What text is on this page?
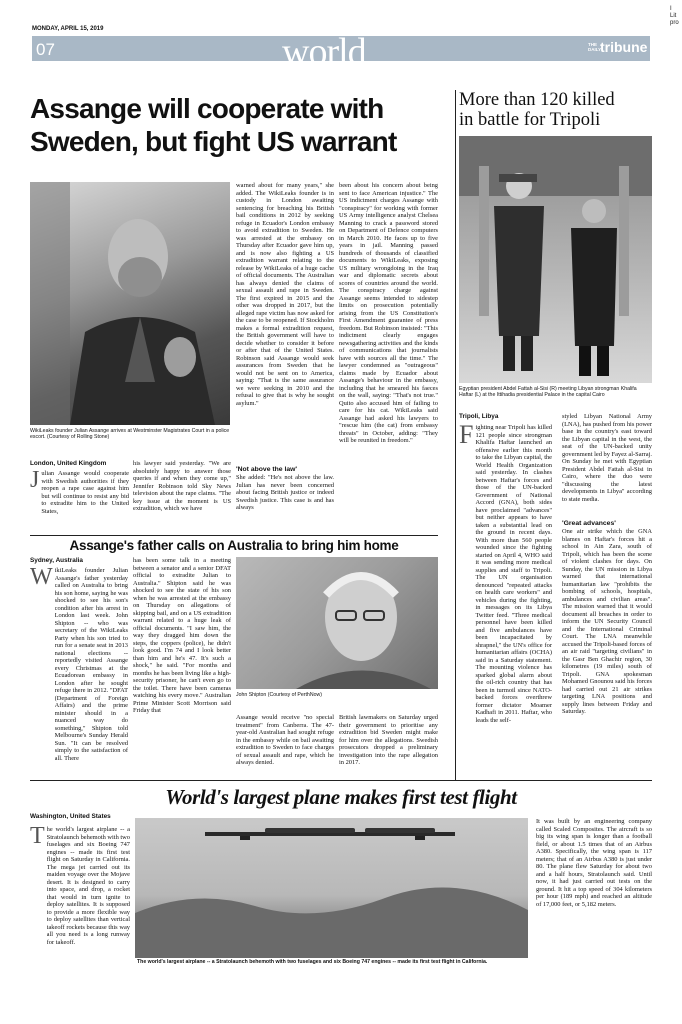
I
Lit
pro
MONDAY, APRIL 15, 2019
07	world	THE DAILY
tribune
Assange will cooperate with
Sweden, but fight US warrant
WikiLeaks founder Julian Assange arrives at Westminster Magistrates Court in a police escort. (Courtesy of Rolling Stone)
London, United Kingdom
J ulian Assange would cooperate with Swedish authorities if they reopen a rape case against him but will continue to resist any bid to extradite him to the United States,
his lawyer said yesterday. "We are absolutely happy to answer those queries if and when they come up," Jennifer Robinson told Sky News television about the rape claims. "The key issue at the moment is US extradition, which we have
warned about for many years," she added. The WikiLeaks founder is in custody in London awaiting sentencing for breaching his British bail conditions in 2012 by seeking refuge in Ecuador's London embassy to avoid extradition to Sweden. He was arrested at the embassy on Thursday after Ecuador gave him up, and is now also fighting a US extradition warrant relating to the release by WikiLeaks of a huge cache of official documents. The Australian has always denied the claims of sexual assault and rape in Sweden. The first expired in 2015 and the other was dropped in 2017, but the alleged rape victim has now asked for the case to be reopened. If Stockholm makes a formal extradition request, the British government will have to decide whether to consider it before or after that of the United States. Robinson said Assange would seek assurances from Sweden that he would not be sent on to America, saying: "That is the same assurance we were seeking in 2010 and the refusal to give that is why he sought asylum."
'Not above the law'
She added: "He's not above the law. Julian has never been concerned about facing British justice or indeed Swedish justice. This case is and has always
been about his concern about being sent to face American injustice." The US indictment charges Assange with "conspiracy" for working with former US Army intelligence analyst Chelsea Manning to crack a password stored on Department of Defence computers in March 2010. He faces up to five years in jail. Manning passed hundreds of thousands of classified documents to WikiLeaks, exposing US military wrongdoing in the Iraq war and diplomatic secrets about scores of countries around the world. The conspiracy charge against Assange seems intended to sidestep limits on prosecution potentially arising from the US Constitution's First Amendment guarantee of press freedom. But Robinson insisted: "This indictment clearly engages newsgathering activities and the kinds of communications that journalists have with sources all the time." The lawyer condemned as "outrageous" claims made by Ecuador about Assange's behaviour in the embassy, including that he smeared his faeces on the wall, saying: "That's not true." Quito also accused him of failing to care for his cat. WikiLeaks said Assange had asked his lawyers to "rescue him (the cat) from embassy threats" in October, adding: "They will be reunited in freedom."
Assange's father calls on Australia to bring him home
Sydney, Australia
W ikiLeaks founder Julian Assange's father yesterday called on Australia to bring his son home, saying he was shocked to see his son's condition after his arrest in London last week. John Shipton -- who was secretary of the WikiLeaks Party when his son tried to run for a senate seat in 2013 national elections -- reportedly visited Assange every Christmas at the Ecuadorean embassy in London after he sought refuge there in 2012. "DFAT (Department of Foreign Affairs) and the prime minister should in a nuanced way do something," Shipton told Melbourne's Sunday Herald Sun. "It can be resolved simply to the satisfaction of all. There
has been some talk in a meeting between a senator and a senior DFAT official to extradite Julian to Australia." Shipton said he was shocked to see the state of his son when he was arrested at the embassy on Thursday on allegations of skipping bail, and on a US extradition warrant related to a huge leak of official documents. "I saw him, the way they dragged him down the steps, the coppers (police), he didn't look good. I'm 74 and I look better than him and he's 47. It's such a shock," he said. "For months and months he has been living like a high-security prisoner, he can't even go to the toilet. There have been cameras watching his every move." Australian Prime Minister Scott Morrison said Friday that
John Shipton (Courtesy of PerthNow)
Assange would receive "no special treatment" from Canberra. The 47-year-old Australian had sought refuge in the embassy while on bail awaiting extradition to Sweden to face charges of sexual assault and rape, which he always denied.
British lawmakers on Saturday urged their government to prioritise any extradition bid Sweden might make for him over the allegations. Swedish prosecutors dropped a preliminary investigation into the rape allegation in 2017.
More than 120 killed
in battle for Tripoli
Egyptian president Abdel Fattah al-Sisi (R) meeting Libyan strongman Khalifa Haftar (L) at the Ittihadia presidential Palace in the capital Cairo
Tripoli, Libya
F ighting near Tripoli has killed 121 people since strongman Khalifa Haftar launched an offensive earlier this month to take the Libyan capital, the World Health Organization said yesterday. In clashes between Haftar's forces and those of the UN-backed Government of National Accord (GNA), both sides have proclaimed "advances" but neither appears to have taken a substantial lead on the ground in recent days. With more than 560 people wounded since the fighting started on April 4, WHO said it was sending more medical supplies and staff to Tripoli. The UN organisation denounced "repeated attacks on health care workers" and vehicles during the fighting, in messages on its Libya Twitter feed. "Three medical personnel have been killed and five ambulances have been incapacitated by shrapnel," the UN's office for humanitarian affairs (OCHA) said in a Saturday statement. The mounting violence has sparked global alarm about the oil-rich country that has been in turmoil since NATO-backed forces overthrew former dictator Moamer Kadhafi in 2011. Haftar, who leads the self-
styled Libyan National Army (LNA), has pushed from his power base in the country's east toward the Libyan capital in the west, the seat of the UN-backed unity government led by Fayez al-Sarraj. On Sunday he met with Egyptian President Abdel Fattah al-Sisi in Cairo, where the duo were "discussing the latest developments in Libya" according to state media.
'Great advances'
One air strike which the GNA blames on Haftar's forces hit a school in Ain Zara, south of Tripoli, which has been the scene of violent clashes for days. On Sunday, the UN mission in Libya warned that international humanitarian law "prohibits the bombing of schools, hospitals, ambulances and civilian areas". The mission warned that it would document all breaches in order to inform the UN Security Council and the International Criminal Court. The LNA meanwhile accused the Tripoli-based forces of an air raid "targeting civilians" in the Gasr Ben Ghachir region, 30 kilometres (19 miles) south of Tripoli. GNA spokesman Mohamed Gnounou said his forces had carried out 21 air strikes targeting LNA positions and supply lines between Friday and Saturday.
World's largest plane makes first test flight
Washington, United States
T he world's largest airplane -- a Stratolaunch behemoth with two fuselages and six Boeing 747 engines -- made its first test flight on Saturday in California. The mega jet carried out its maiden voyage over the Mojave desert. It is designed to carry into space, and drop, a rocket that would in turn ignite to deploy satellites. It is supposed to provide a more flexible way to deploy satellites than vertical takeoff rockets because this way all you need is a long runway for takeoff.
The world's largest airplane -- a Stratolaunch behemoth with two fuselages and six Boeing 747 engines -- made its first test flight in California.
It was built by an engineering company called Scaled Composites. The aircraft is so big its wing span is longer than a football field, or about 1.5 times that of an Airbus A380. Specifically, the wing span is 117 meters; that of an Airbus A380 is just under 80. The plane flew Saturday for about two and a half hours, Stratolaunch said. Until now, it had just carried out tests on the ground. It hit a top speed of 304 kilometers per hour (189 mph) and reached an altitude of 17,000 feet, or 5,182 meters.
